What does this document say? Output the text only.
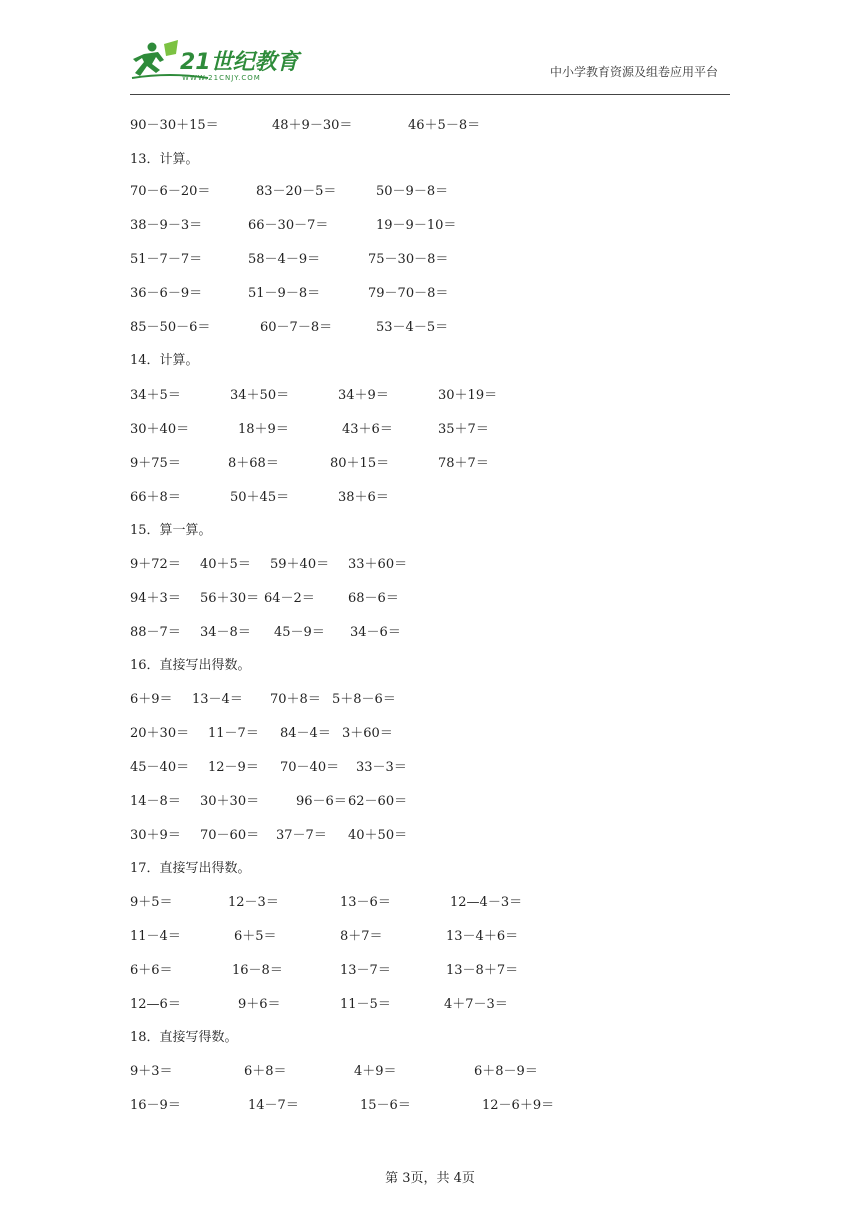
21世纪教育
WWW.21CNJY.COM	中小学教育资源及组卷应用平台
90－30＋15＝	48＋9－30＝	46＋5－8＝
13．计算。
70－6－20＝	83－20－5＝	50－9－8＝
38－9－3＝	66－30－7＝	19－9－10＝
51－7－7＝	58－4－9＝	75－30－8＝
36－6－9＝	51－9－8＝	79－70－8＝
85－50－6＝	60－7－8＝	53－4－5＝
14．计算。
34＋5＝	34＋50＝	34＋9＝	30＋19＝
30＋40＝	18＋9＝	43＋6＝	35＋7＝
9＋75＝	8＋68＝	80＋15＝	78＋7＝
66＋8＝	50＋45＝	38＋6＝
15．算一算。
9＋72＝ 40＋5＝ 59＋40＝ 33＋60＝
94＋3＝ 56＋30＝ 64－2＝	68－6＝
88－7＝ 34－8＝ 45－9＝ 34－6＝
16．直接写出得数。
6＋9＝ 13－4＝ 70＋8＝ 5＋8－6＝
20＋30＝ 11－7＝ 84－4＝ 3＋60＝
45－40＝ 12－9＝ 70－40＝ 33－3＝
14－8＝ 30＋30＝	96－6＝ 62－60＝
30＋9＝ 70－60＝ 37－7＝ 40＋50＝
17．直接写出得数。
9＋5＝	12－3＝	13－6＝	12—4－3＝
11－4＝	6＋5＝	8＋7＝	13－4＋6＝
6＋6＝	16－8＝	13－7＝	13－8＋7＝
12—6＝	9＋6＝	11－5＝	4＋7－3＝
18．直接写得数。
9＋3＝	6＋8＝	4＋9＝	6＋8－9＝
16－9＝	14－7＝	15－6＝	12－6＋9＝
第 3页，共 4页
